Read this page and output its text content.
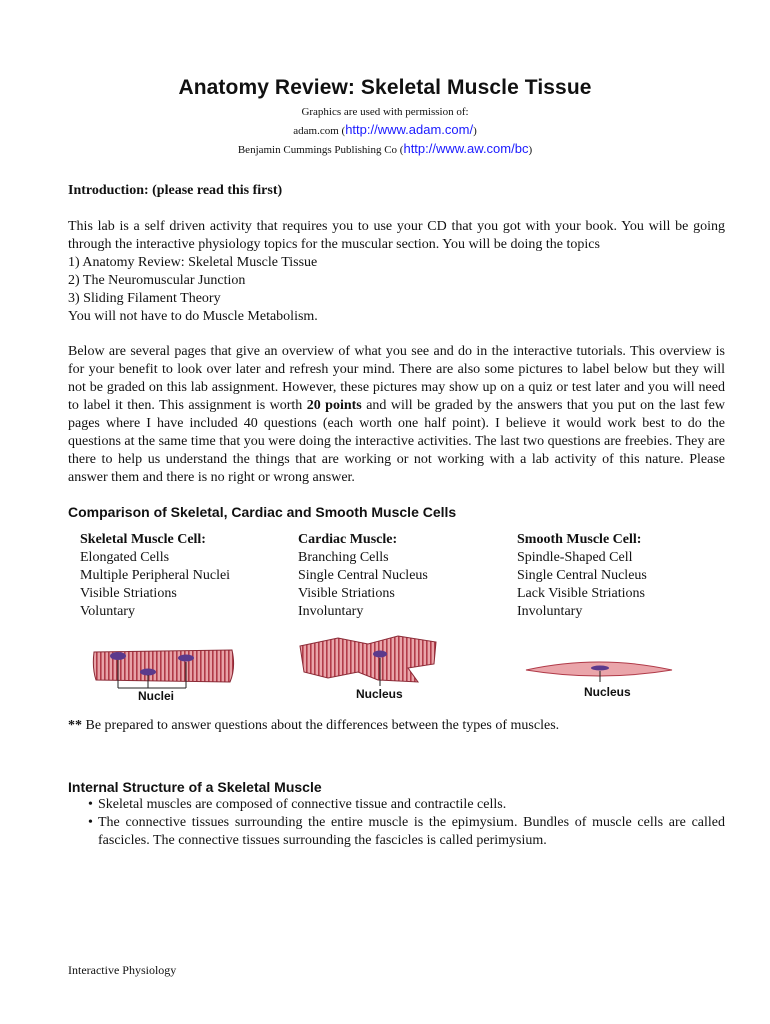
Anatomy Review: Skeletal Muscle Tissue
Graphics are used with permission of:
adam.com (http://www.adam.com/)
Benjamin Cummings Publishing Co (http://www.aw.com/bc)
Introduction: (please read this first)

This lab is a self driven activity that requires you to use your CD that you got with your book. You will be going through the interactive physiology topics for the muscular section. You will be doing the topics

1) Anatomy Review: Skeletal Muscle Tissue

2) The Neuromuscular Junction

3) Sliding Filament Theory

You will not have to do Muscle Metabolism.

Below are several pages that give an overview of what you see and do in the interactive tutorials. This overview is for your benefit to look over later and refresh your mind. There are also some pictures to label below but they will not be graded on this lab assignment. However, these pictures may show up on a quiz or test later and you will need to label it then. This assignment is worth 20 points and will be graded by the answers that you put on the last few pages where I have included 40 questions (each worth one half point). I believe it would work best to do the questions at the same time that you were doing the interactive activities. The last two questions are freebies. They are there to help us understand the things that are working or not working with a lab activity of this nature. Please answer them and there is no right or wrong answer.
Comparison of Skeletal, Cardiac and Smooth Muscle Cells
Skeletal Muscle Cell:
Elongated Cells
Multiple Peripheral Nuclei
Visible Striations
Voluntary
Cardiac Muscle:
Branching Cells
Single Central Nucleus
Visible Striations
Involuntary
Smooth Muscle Cell:
Spindle-Shaped Cell
Single Central Nucleus
Lack Visible Striations
Involuntary
Nuclei	Nucleus	Nucleus
** Be prepared to answer questions about the differences between the types of muscles.
Internal Structure of a Skeletal Muscle
• Skeletal muscles are composed of connective tissue and contractile cells.
• The connective tissues surrounding the entire muscle is the epimysium. Bundles of muscle cells are called fascicles. The connective tissues surrounding the fascicles is called perimysium.
Interactive Physiology
